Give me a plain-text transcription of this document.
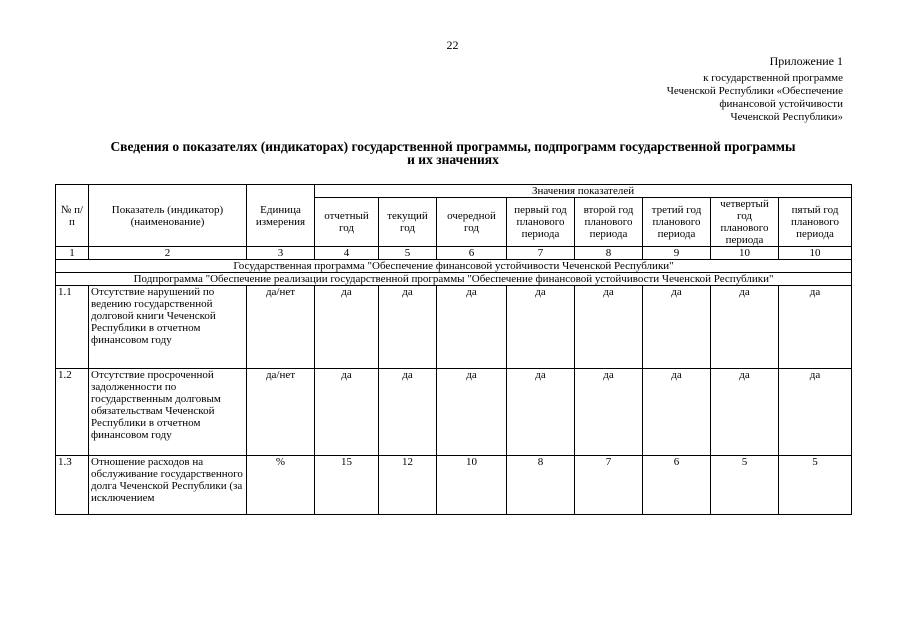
22
Приложение 1
к государственной программе
Чеченской Республики «Обеспечение
финансовой устойчивости
Чеченской Республики»
Сведения о показателях (индикаторах) государственной программы, подпрограмм государственной программы
и их значениях
№ п/п	Показатель (индикатор) (наименование)	Единица измерения	Значения показателей							
			отчетный год	текущий год	очередной год	первый год планового периода	второй год планового периода	третий год планового периода	четвертый год планового периода	пятый год планового периода
1	2	3	4	5	6	7	8	9	10	10
Государственная программа "Обеспечение финансовой устойчивости Чеченской Республики"										
Подпрограмма "Обеспечение реализации государственной программы "Обеспечение финансовой устойчивости Чеченской Республики"										
1.1	Отсутствие нарушений по ведению государственной долговой книги Чеченской Республики в отчетном финансовом году	да/нет	да	да	да	да	да	да	да	да
1.2	Отсутствие просроченной задолженности по государственным долговым обязательствам Чеченской Республики в отчетном финансовом году	да/нет	да	да	да	да	да	да	да	да
1.3	Отношение расходов на обслуживание государственного долга Чеченской Республики (за исключением	%	15	12	10	8	7	6	5	5
